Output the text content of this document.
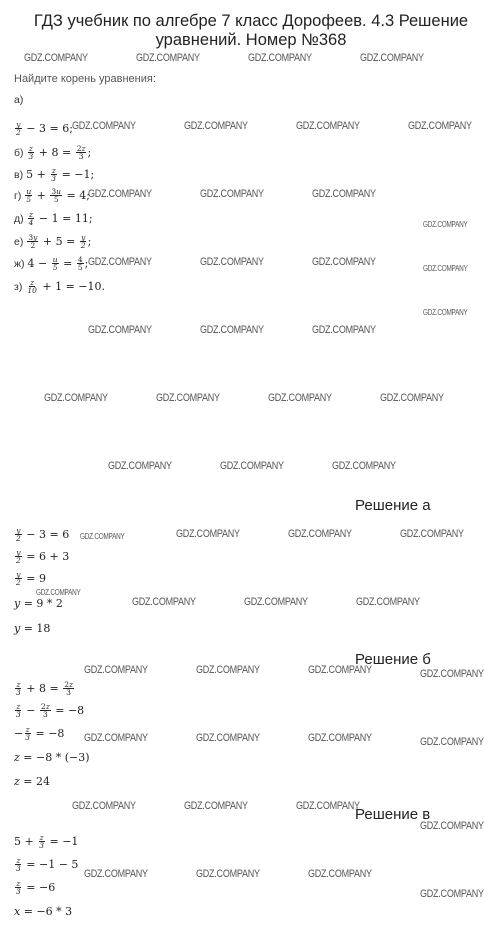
ГДЗ учебник по алгебре 7 класс Дорофеев. 4.3 Решение уравнений. Номер №368
Найдите корень уравнения:
а)
$\frac{y}{2} - 3 = 6$;
$б) \frac{z}{3} + 8 = \frac{2z}{3}$ ;
в) $5 + \frac{z}{3} = -1$;
$г) \frac{u}{5} + \frac{3u}{5} = 4$;
$д) \frac{z}{4} - 1 = 11$;
$е) \frac{3y}{2} + 5 = \frac{y}{2}$ ;
ж) $4 - \frac{u}{5} = \frac{4}{5}$ ;
$з) \frac{z}{10} + 1 = -10$.
Решение а
$\frac{y}{2} - 3 = 6$
$\frac{y}{2} = 6 + 3$
$\frac{y}{2} = 9$
y = 9 * 2
y = 18
Решение б
$\frac{z}{3} + 8 = \frac{2z}{3}$
$\frac{z}{3} - \frac{2z}{3} = -8$
− $\frac{z}{3} = -8$
z = −8 * (−3)
z = 24
Решение в
$5 + \frac{z}{3} = -1$
$\frac{z}{3} = -1 - 5$
$\frac{z}{3} = -6$
x = −6 * 3
GDZ.COMPANY	GDZ.COMPANY	GDZ.COMPANY	GDZ.COMPANY
GDZ.COMPANY	GDZ.COMPANY	GDZ.COMPANY	GDZ.COMPANY
GDZ.COMPANY	GDZ.COMPANY	GDZ.COMPANY
GDZ.COMPANY
GDZ.COMPANY	GDZ.COMPANY	GDZ.COMPANY
GDZ.COMPANY
GDZ.COMPANY
GDZ.COMPANY	GDZ.COMPANY	GDZ.COMPANY
GDZ.COMPANY	GDZ.COMPANY	GDZ.COMPANY	GDZ.COMPANY
GDZ.COMPANY	GDZ.COMPANY	GDZ.COMPANY
GDZ.COMPANY	GDZ.COMPANY	GDZ.COMPANY	GDZ.COMPANY
GDZ.COMPANY
GDZ.COMPANY	GDZ.COMPANY	GDZ.COMPANY
GDZ.COMPANY	GDZ.COMPANY	GDZ.COMPANY	GDZ.COMPANY
GDZ.COMPANY	GDZ.COMPANY	GDZ.COMPANY	GDZ.COMPANY
GDZ.COMPANY	GDZ.COMPANY	GDZ.COMPANY
GDZ.COMPANY
GDZ.COMPANY	GDZ.COMPANY	GDZ.COMPANY
GDZ.COMPANY
